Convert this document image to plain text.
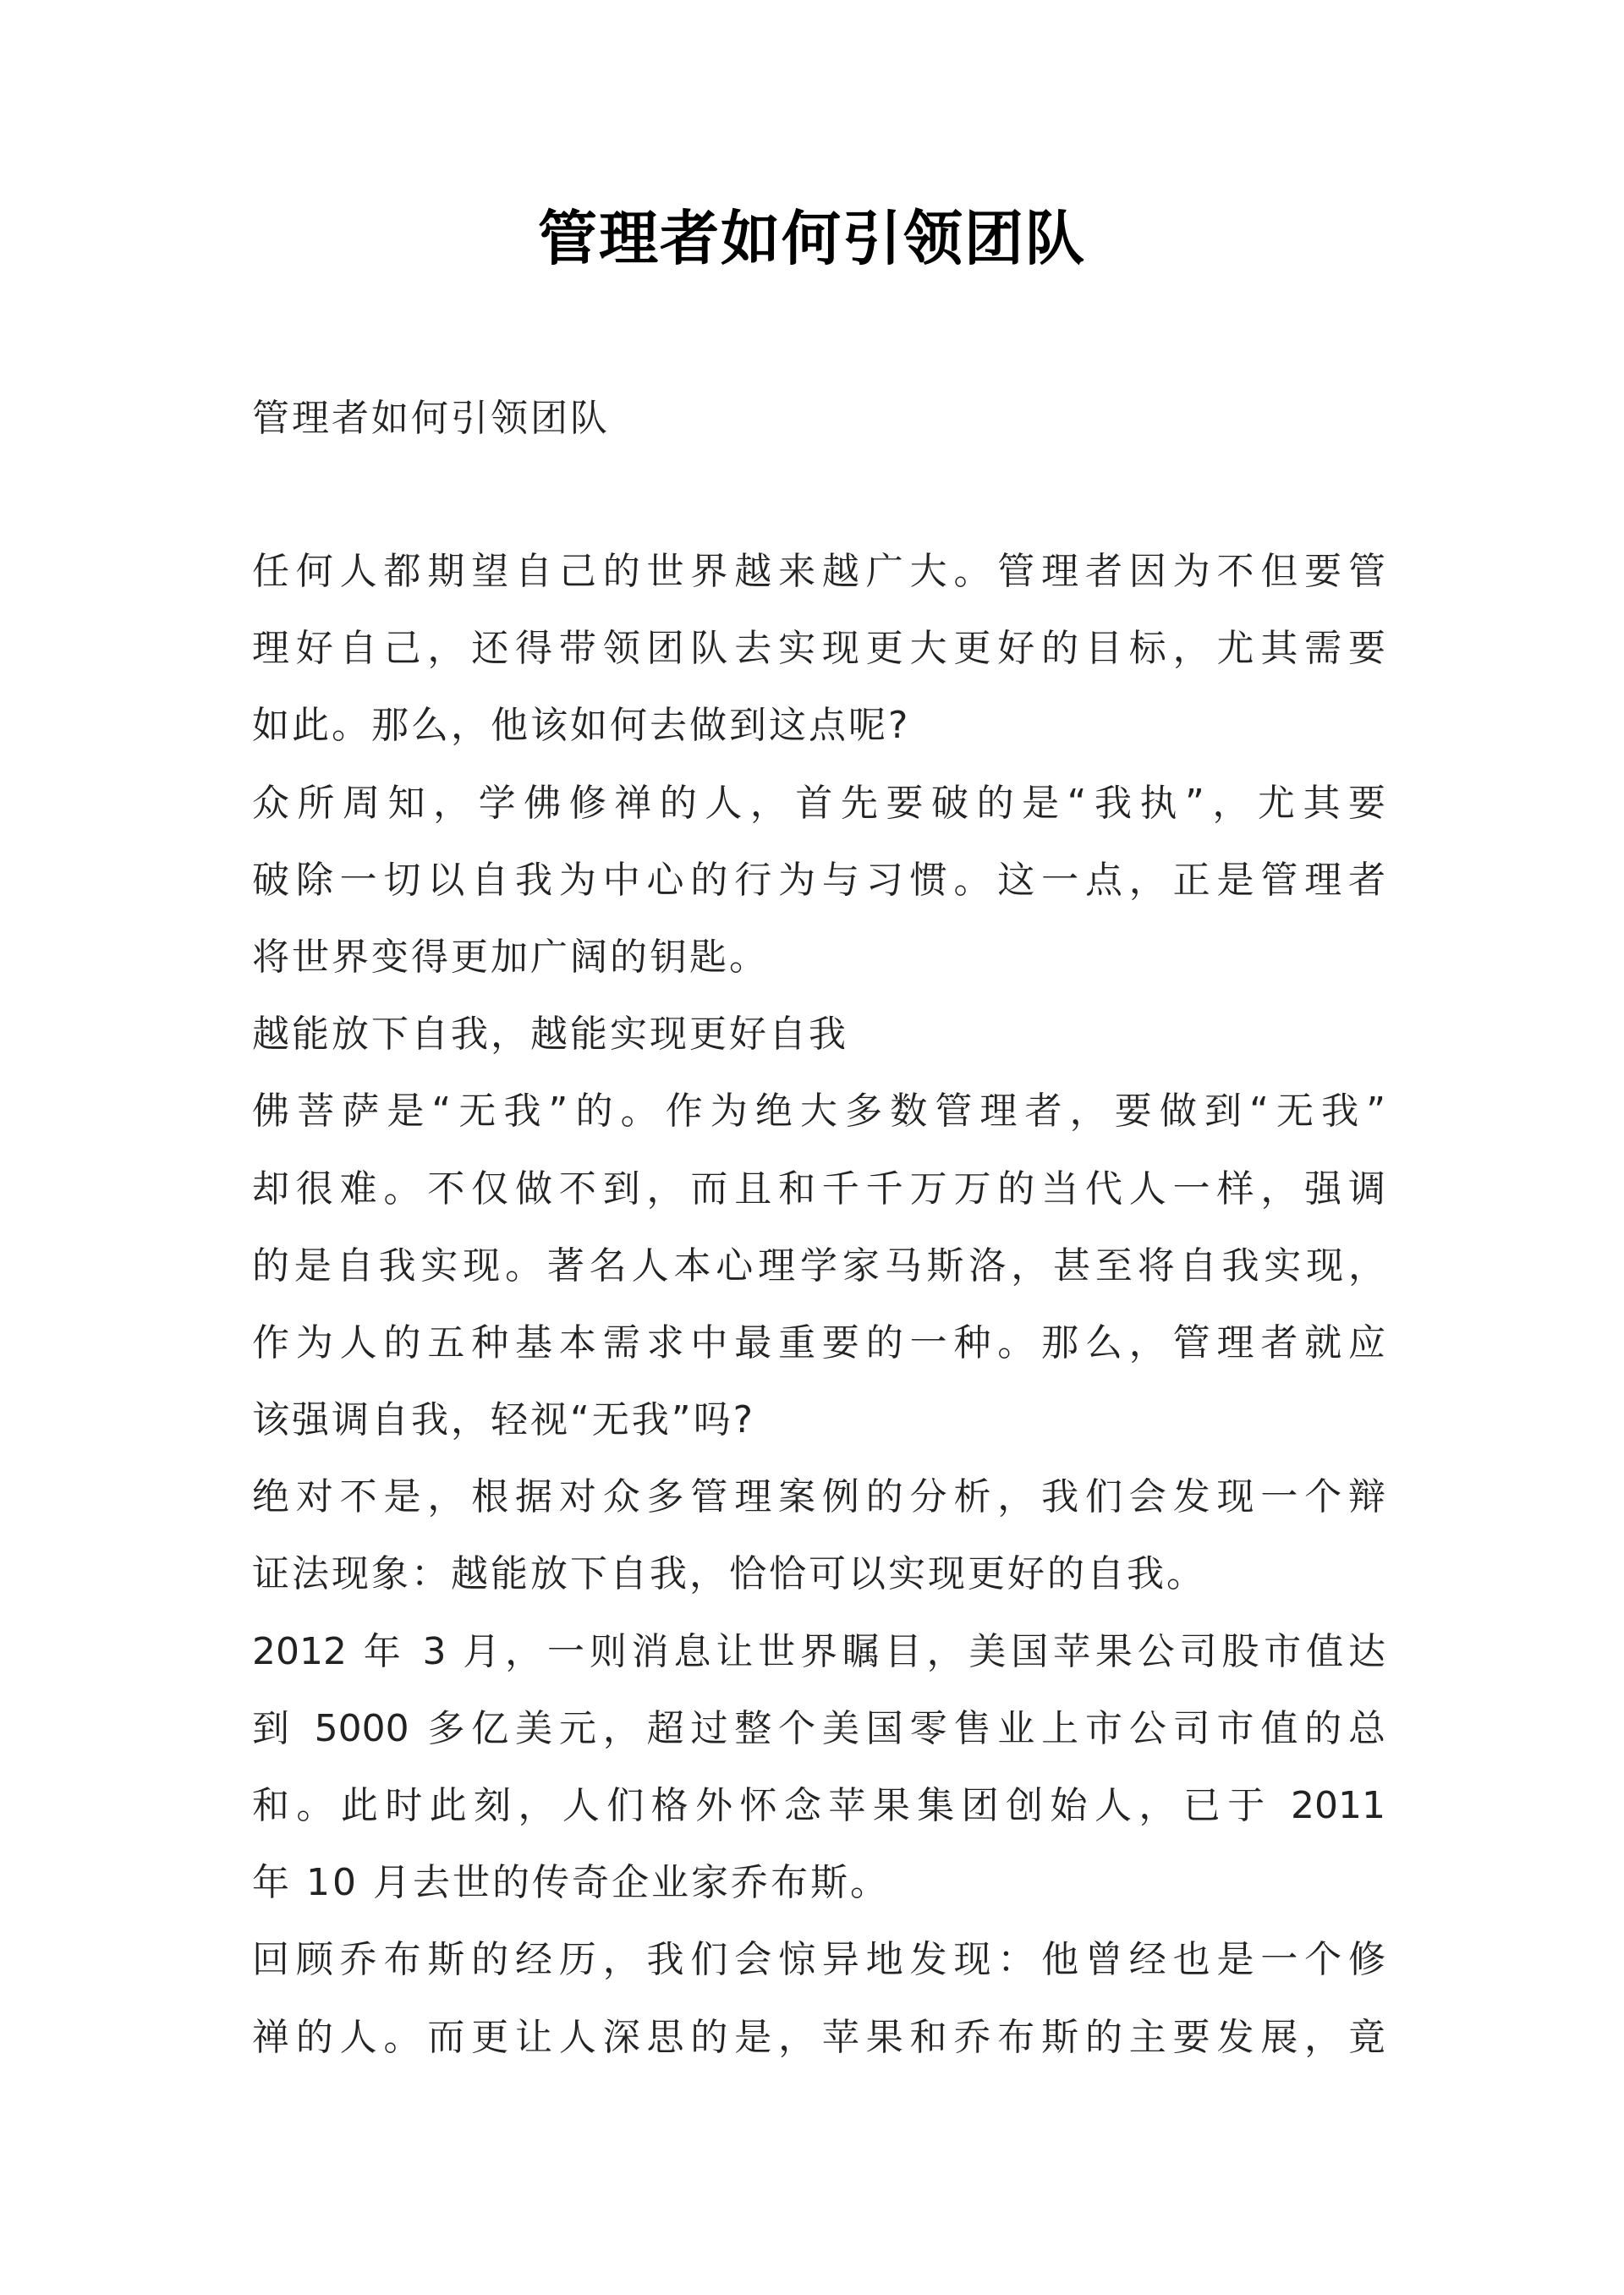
管理者如何引领团队
管理者如何引领团队
任何人都期望自己的世界越来越广大。管理者因为不但要管
理好自己，还得带领团队去实现更大更好的目标，尤其需要
如此。那么，他该如何去做到这点呢?
众所周知，学佛修禅的人，首先要破的是“我执”，尤其要
破除一切以自我为中心的行为与习惯。这一点，正是管理者
将世界变得更加广阔的钥匙。
越能放下自我，越能实现更好自我
佛菩萨是“无我”的。作为绝大多数管理者，要做到“无我”
却很难。不仅做不到，而且和千千万万的当代人一样，强调
的是自我实现。著名人本心理学家马斯洛，甚至将自我实现，
作为人的五种基本需求中最重要的一种。那么，管理者就应
该强调自我，轻视“无我”吗?
绝对不是，根据对众多管理案例的分析，我们会发现一个辩
证法现象：越能放下自我，恰恰可以实现更好的自我。
2012 年 3 月，一则消息让世界瞩目，美国苹果公司股市值达
到 5000 多亿美元，超过整个美国零售业上市公司市值的总
和。此时此刻，人们格外怀念苹果集团创始人，已于 2011
年 10 月去世的传奇企业家乔布斯。
回顾乔布斯的经历，我们会惊异地发现：他曾经也是一个修
禅的人。而更让人深思的是，苹果和乔布斯的主要发展，竟
